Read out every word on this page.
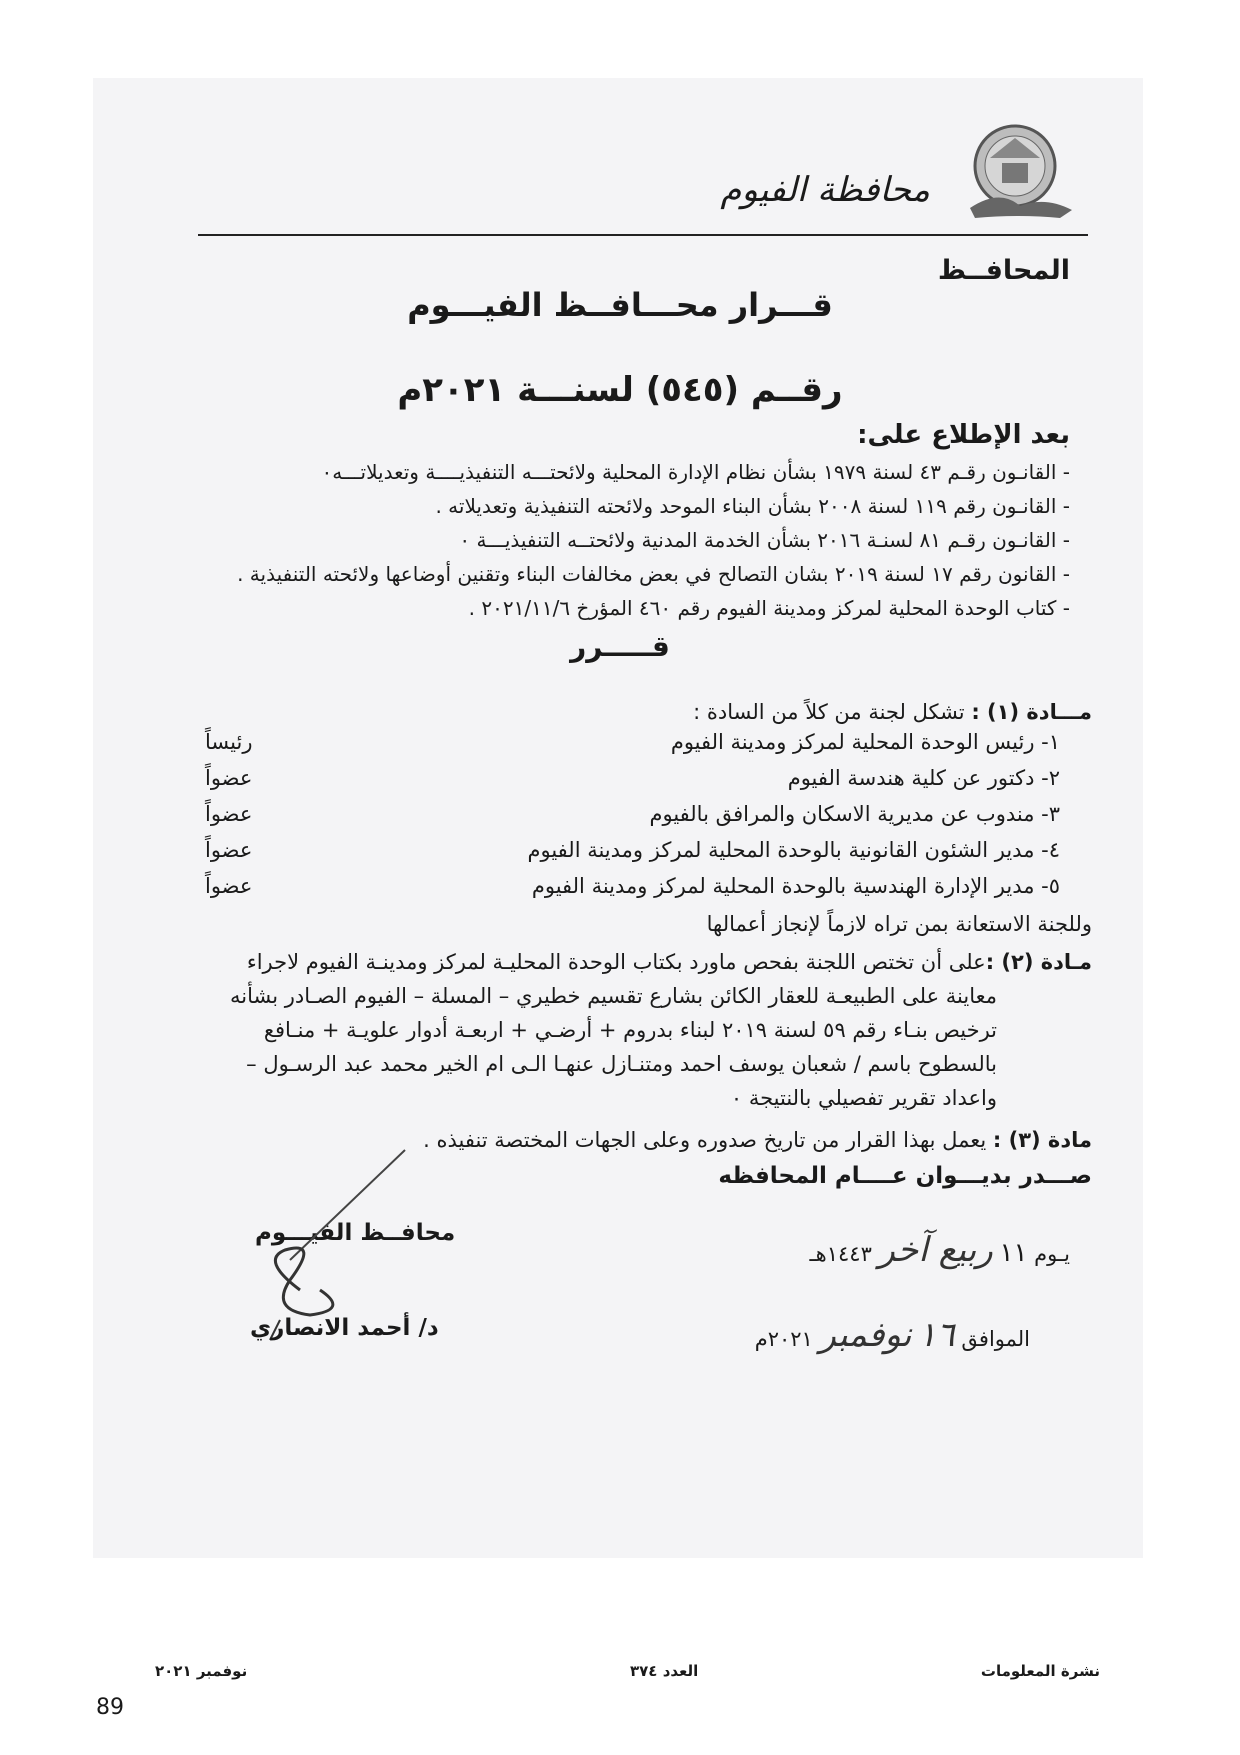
محافظة الفيوم
المحافــظ
قـــرار محـــافــظ الفيـــوم
رقــم (٥٤٥) لسنـــة ٢٠٢١م
بعد الإطلاع على:
- القانـون رقـم ٤٣ لسنة ١٩٧٩ بشأن نظام الإدارة المحلية ولائحتـــه التنفيذيــــة وتعديلاتـــه٠
- القانـون رقم ١١٩ لسنة ٢٠٠٨ بشأن البناء الموحد ولائحته التنفيذية وتعديلاته .
- القانـون رقـم ٨١ لسنـة ٢٠١٦ بشأن الخدمة المدنية ولائحتــه التنفيذيـــة ٠
- القانون رقم ١٧ لسنة ٢٠١٩ بشان التصالح في بعض مخالفات البناء وتقنين أوضاعها ولائحته التنفيذية .
- كتاب الوحدة المحلية لمركز ومدينة الفيوم رقم ٤٦٠ المؤرخ ٢٠٢١/١١/٦ .
قـــــرر
مـــادة (١) : تشكل لجنة من كلاً من السادة :
١- رئيس الوحدة المحلية لمركز ومدينة الفيوم
٢- دكتور عن كلية هندسة الفيوم
٣- مندوب عن مديرية الاسكان والمرافق بالفيوم
٤- مدير الشئون القانونية بالوحدة المحلية لمركز ومدينة الفيوم
٥- مدير الإدارة الهندسية بالوحدة المحلية لمركز ومدينة الفيوم
رئيساً
عضواً
عضواً
عضواً
عضواً
وللجنة الاستعانة بمن تراه لازماً لإنجاز أعمالها
مـادة (٢) :على أن تختص اللجنة بفحص ماورد بكتاب الوحدة المحليـة لمركز ومدينـة الفيوم لاجراء
معاينة على الطبيعـة للعقار الكائن بشارع تقسيم خطيري – المسلة – الفيوم الصـادر بشأنه
ترخيص بنـاء رقم ٥٩ لسنة ٢٠١٩ لبناء بدروم + أرضـي + اربعـة أدوار علويـة + منـافع
بالسطوح باسم / شعبان يوسف احمد ومتنـازل عنهـا الـى ام الخير محمد عبد الرسـول –
واعداد تقرير تفصيلي بالنتيجة ٠
مادة (٣) : يعمل بهذا القرار من تاريخ صدوره وعلى الجهات المختصة تنفيذه .
صـــدر بديـــوان عــــام المحافظه
محافــظ الفيـــوم
د/ أحمد الانصاري
يـوم ١١ ربيع آخر ١٤٤٣هـ
الموافق ١٦ نوفمبر ٢٠٢١م
نشرة المعلومات
العدد ٣٧٤
نوفمبر ٢٠٢١
89
